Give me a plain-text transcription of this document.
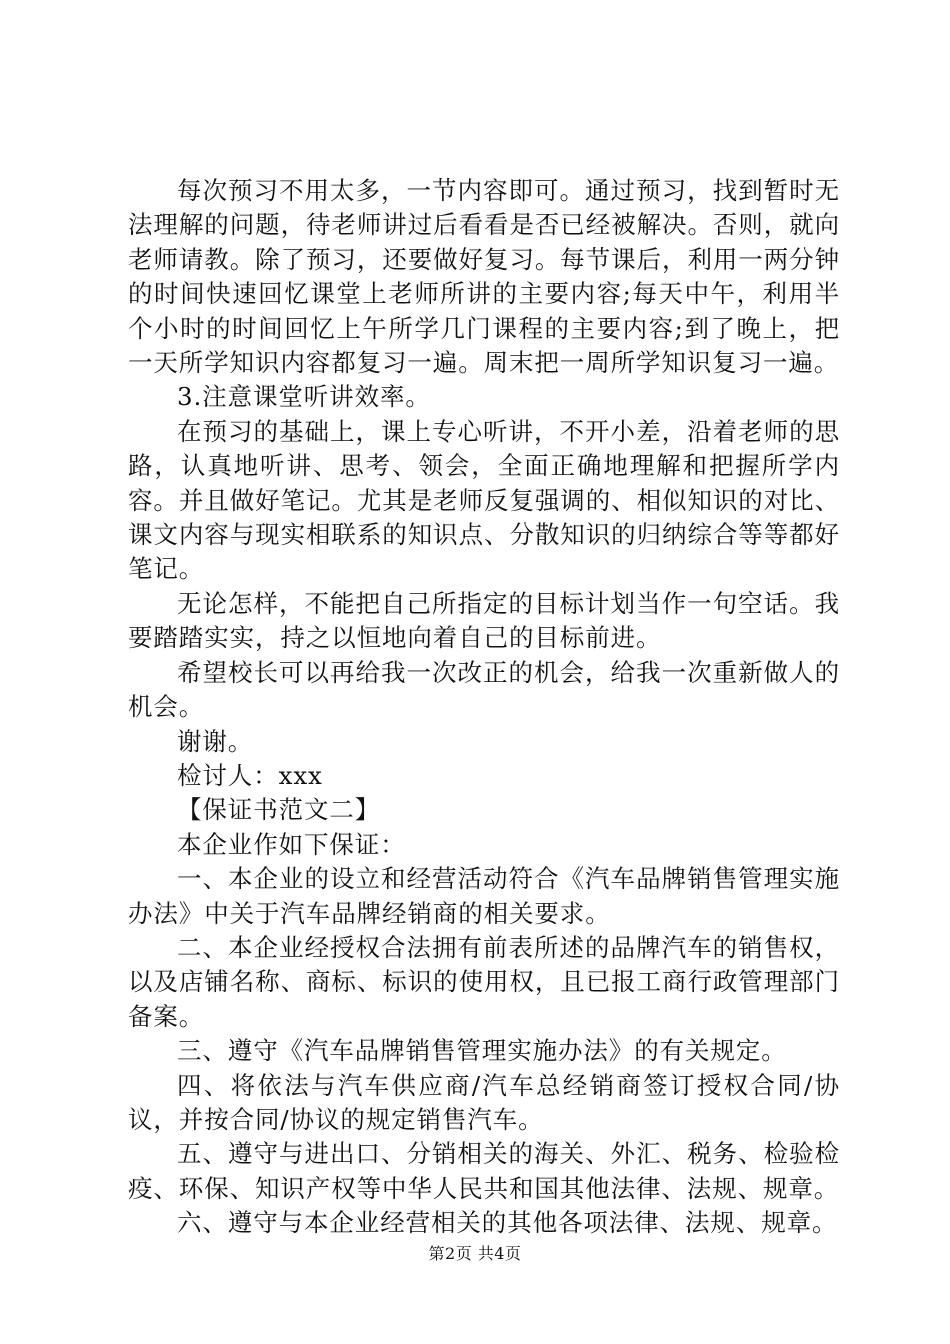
每次预习不用太多，一节内容即可。通过预习，找到暂时无法理解的问题，待老师讲过后看看是否已经被解决。否则，就向老师请教。除了预习，还要做好复习。每节课后，利用一两分钟的时间快速回忆课堂上老师所讲的主要内容;每天中午，利用半个小时的时间回忆上午所学几门课程的主要内容;到了晚上，把一天所学知识内容都复习一遍。周末把一周所学知识复习一遍。

3.注意课堂听讲效率。

在预习的基础上，课上专心听讲，不开小差，沿着老师的思路，认真地听讲、思考、领会，全面正确地理解和把握所学内容。并且做好笔记。尤其是老师反复强调的、相似知识的对比、课文内容与现实相联系的知识点、分散知识的归纳综合等等都好笔记。

无论怎样，不能把自己所指定的目标计划当作一句空话。我要踏踏实实，持之以恒地向着自己的目标前进。

希望校长可以再给我一次改正的机会，给我一次重新做人的机会。

谢谢。

检讨人：xxx

【保证书范文二】

本企业作如下保证：

一、本企业的设立和经营活动符合《汽车品牌销售管理实施办法》中关于汽车品牌经销商的相关要求。

二、本企业经授权合法拥有前表所述的品牌汽车的销售权，以及店铺名称、商标、标识的使用权，且已报工商行政管理部门备案。

三、遵守《汽车品牌销售管理实施办法》的有关规定。

四、将依法与汽车供应商/汽车总经销商签订授权合同/协议，并按合同/协议的规定销售汽车。

五、遵守与进出口、分销相关的海关、外汇、税务、检验检疫、环保、知识产权等中华人民共和国其他法律、法规、规章。

六、遵守与本企业经营相关的其他各项法律、法规、规章。

第2页 共4页
